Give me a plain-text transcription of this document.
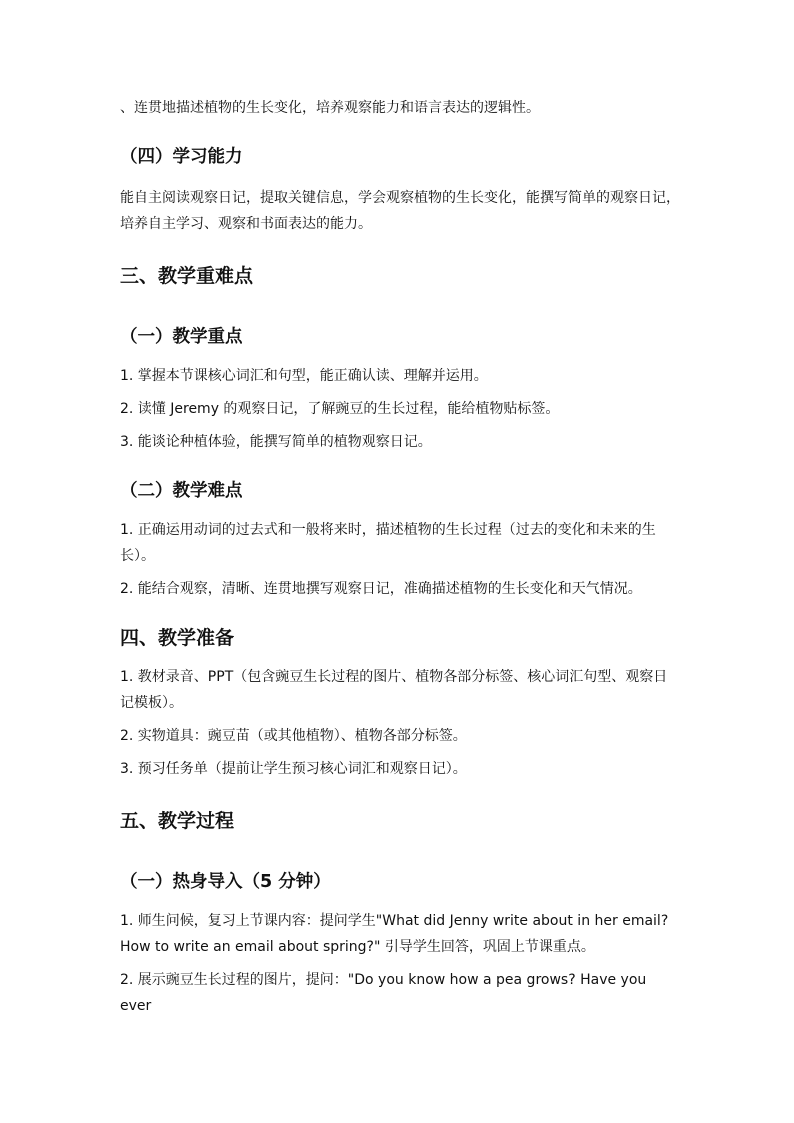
、连贯地描述植物的生长变化，培养观察能力和语言表达的逻辑性。

（四）学习能力

能自主阅读观察日记，提取关键信息，学会观察植物的生长变化，能撰写简单的观察日记，培养自主学习、观察和书面表达的能力。

三、教学重难点

（一）教学重点

1. 掌握本节课核心词汇和句型，能正确认读、理解并运用。

2. 读懂 Jeremy 的观察日记，了解豌豆的生长过程，能给植物贴标签。

3. 能谈论种植体验，能撰写简单的植物观察日记。

（二）教学难点

1. 正确运用动词的过去式和一般将来时，描述植物的生长过程（过去的变化和未来的生长）。

2. 能结合观察，清晰、连贯地撰写观察日记，准确描述植物的生长变化和天气情况。

四、教学准备

1. 教材录音、PPT（包含豌豆生长过程的图片、植物各部分标签、核心词汇句型、观察日记模板）。

2. 实物道具：豌豆苗（或其他植物）、植物各部分标签。

3. 预习任务单（提前让学生预习核心词汇和观察日记）。

五、教学过程

（一）热身导入（5 分钟）

1. 师生问候，复习上节课内容：提问学生"What did Jenny write about in her email? How to write an email about spring?" 引导学生回答，巩固上节课重点。

2. 展示豌豆生长过程的图片，提问："Do you know how a pea grows? Have you ever
